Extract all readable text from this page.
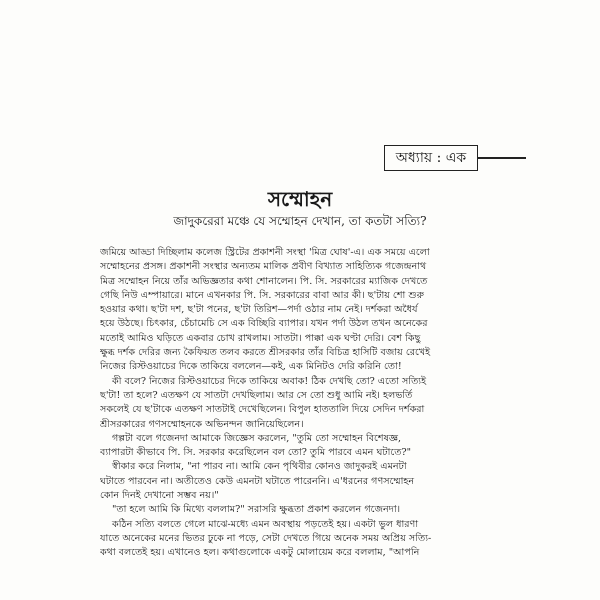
অধ্যায় : এক
সম্মোহন
জাদুকরেরা মঞ্চে যে সম্মোহন দেখান, তা কতটা সত্যি?
জমিয়ে আড্ডা দিচ্ছিলাম কলেজ স্ট্রিটের প্রকাশনী সংস্থা 'মিত্র ঘোষ'-এ। এক সময়ে এলো
সম্মোহনের প্রসঙ্গ। প্রকাশনী সংস্থার অন্যতম মালিক প্রবীণ বিখ্যাত সাহিত্যিক গজেন্দ্রনাথ
মিত্র সম্মোহন নিয়ে তাঁর অভিজ্ঞতার কথা শোনালেন। পি. সি. সরকারের ম্যাজিক দেখতে
গেছি নিউ এম্পায়ারে। মানে এখনকার পি. সি. সরকারের বাবা আর কী। ছ'টায় শো শুরু
হওয়ার কথা। ছ'টা দশ, ছ'টা পনের, ছ'টা তিরিশ—পর্দা ওঠার নাম নেই। দর্শকরা অধৈর্য
হয়ে উঠছে। চিৎকার, চেঁচামেচি সে এক বিচ্ছিরি ব্যাপার। যখন পর্দা উঠল তখন অনেকের
মতোই আমিও ঘড়িতে একবার চোখ রাখলাম। সাতটা। পাক্কা এক ঘণ্টা দেরি। বেশ কিছু
ক্ষুব্ধ দর্শক দেরির জন্য কৈফিয়ত তলব করতে শ্রীসরকার তাঁর বিচিত্র হাসিটি বজায় রেখেই
নিজের রিস্টওয়াচের দিকে তাকিয়ে বললেন—কই, এক মিনিটও দেরি করিনি তো!
কী বলে? নিজের রিস্টওয়াচের দিকে তাকিয়ে অবাক! ঠিক দেখছি তো? এতো সত্যিই
ছ'টা! তা হলে? এতক্ষণ যে সাতটা দেখছিলাম। আর সে তো শুধু আমি নই। হলভর্তি
সকলেই যে ছ'টাকে এতক্ষণ সাতটাই দেখেছিলেন। বিপুল হাততালি দিয়ে সেদিন দর্শকরা
শ্রীসরকারের গণসম্মোহনকে অভিনন্দন জানিয়েছিলেন।
গল্পটা বলে গজেনদা আমাকে জিজ্ঞেস করলেন, "তুমি তো সম্মোহন বিশেষজ্ঞ,
ব্যাপারটা কীভাবে পি. সি. সরকার করেছিলেন বল তো? তুমি পারবে এমন ঘটাতে?"
স্বীকার করে নিলাম, "না পারব না। আমি কেন পৃথিবীর কোনও জাদুকরই এমনটা
ঘটাতে পারবেন না। অতীতেও কেউ এমনটা ঘটাতে পারেননি। এ'ধরনের গণসম্মোহন
কোন দিনই দেখানো সম্ভব নয়।"
"তা হলে আমি কি মিথ্যে বললাম?" সরাসরি ক্ষুব্ধতা প্রকাশ করলেন গজেনদা।
কঠিন সত্যি বলতে গেলে মাঝে-মধ্যে এমন অবস্থায় পড়তেই হয়। একটা ভুল ধারণা
যাতে অনেকের মনের ভিতর ঢুকে না পড়ে, সেটা দেখতে গিয়ে অনেক সময় অপ্রিয় সত্যি-
কথা বলতেই হয়। এখানেও হল। কথাগুলোকে একটু মোলায়েম করে বললাম, "আপনি
